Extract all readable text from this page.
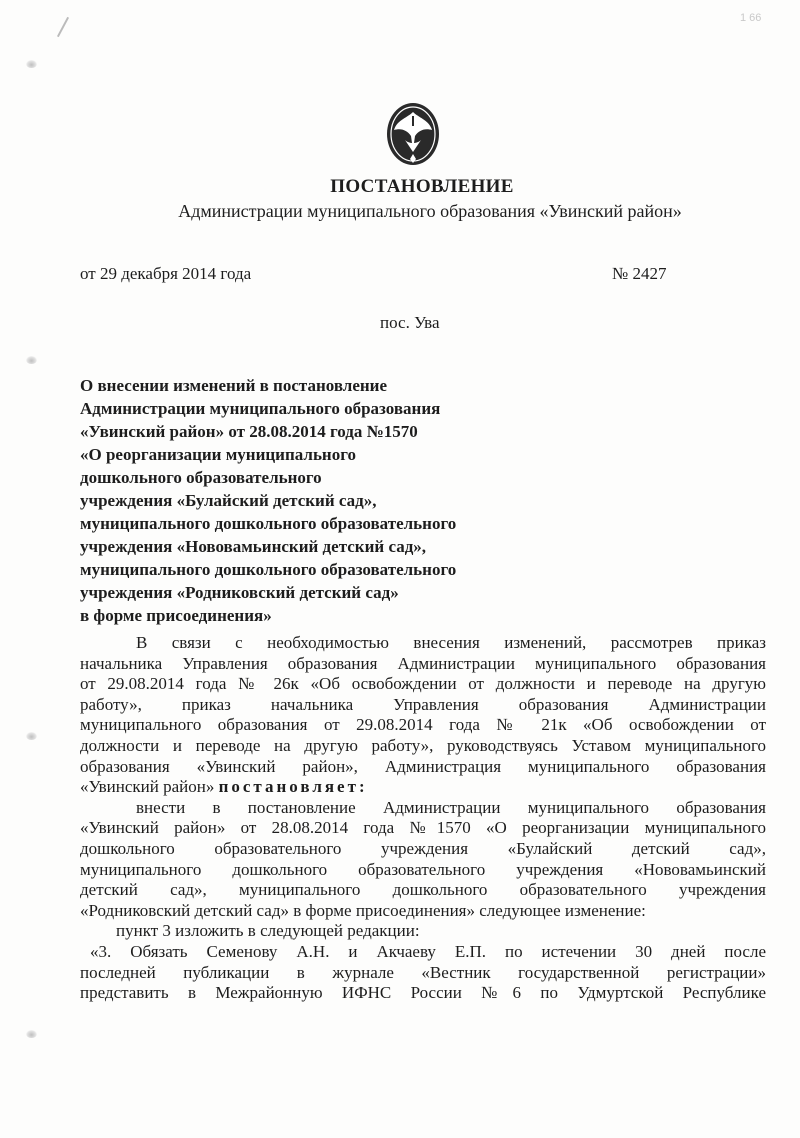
1 66
ПОСТАНОВЛЕНИЕ
Администрации муниципального образования «Увинский район»
от 29 декабря 2014 года	№ 2427
пос. Ува
О внесении изменений в постановление
Администрации муниципального образования
«Увинский район» от 28.08.2014 года №1570
«О реорганизации муниципального
дошкольного образовательного
учреждения «Булайский детский сад»,
муниципального дошкольного образовательного
учреждения «Нововамьинский детский сад»,
муниципального дошкольного образовательного
учреждения «Родниковский детский сад»
в форме присоединения»

В связи с необходимостью внесения изменений, рассмотрев приказ

начальника Управления образования Администрации муниципального образования

от 29.08.2014 года № 26к «Об освобождении от должности и переводе на другую

работу», приказ начальника Управления образования Администрации

муниципального образования от 29.08.2014 года № 21к «Об освобождении от

должности и переводе на другую работу», руководствуясь Уставом муниципального

образования «Увинский район», Администрация муниципального образования

«Увинский район» постановляет:

внести в постановление Администрации муниципального образования

«Увинский район» от 28.08.2014 года №1570 «О реорганизации муниципального

дошкольного образовательного учреждения «Булайский детский сад»,

муниципального дошкольного образовательного учреждения «Нововамьинский

детский сад», муниципального дошкольного образовательного учреждения

«Родниковский детский сад» в форме присоединения» следующее изменение:

пункт 3 изложить в следующей редакции:

«3. Обязать Семенову А.Н. и Акчаеву Е.П. по истечении 30 дней после

последней публикации в журнале «Вестник государственной регистрации»

представить в Межрайонную ИФНС России №6 по Удмуртской Республике
